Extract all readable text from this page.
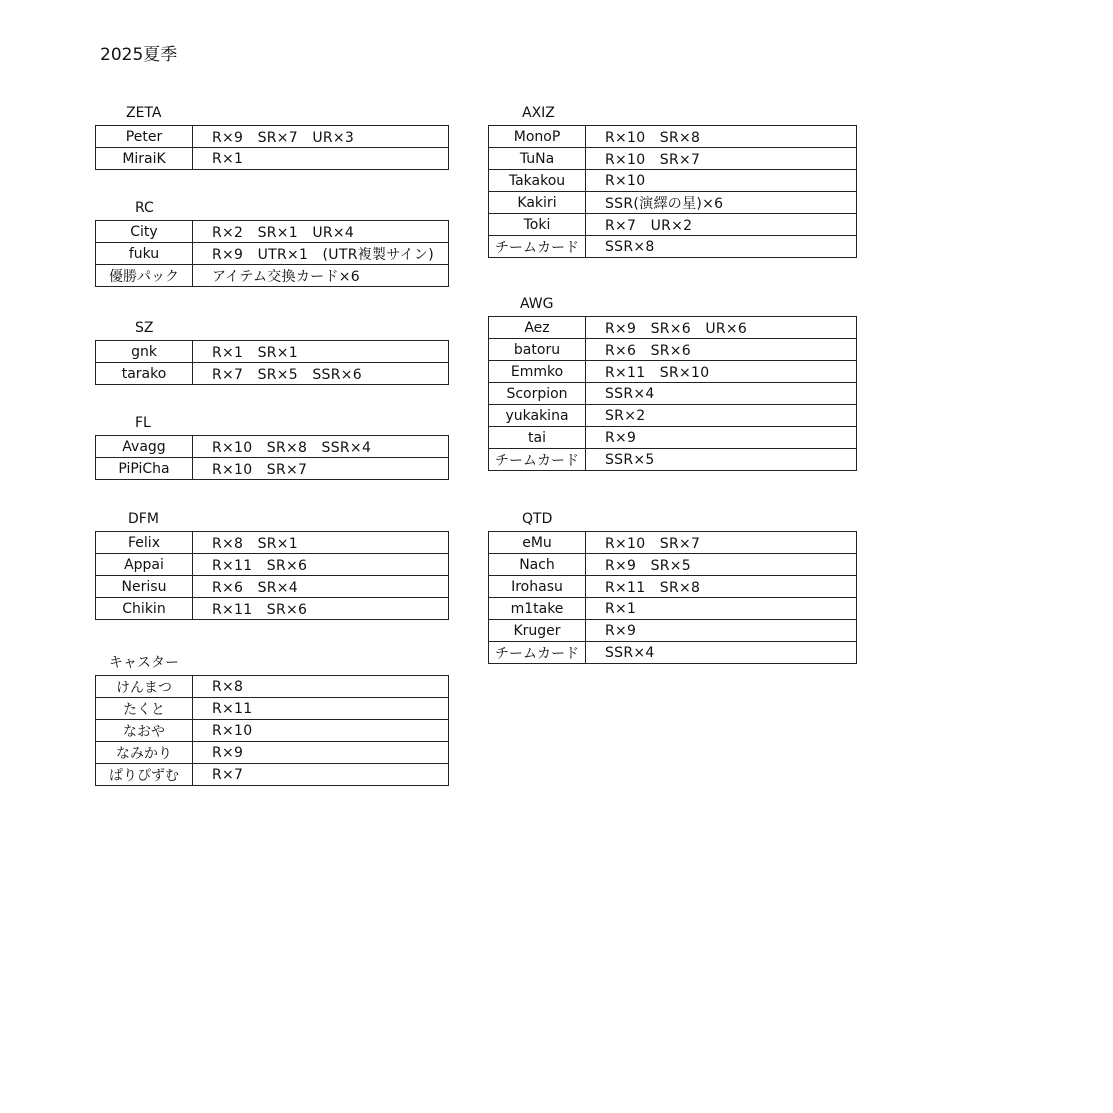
2025夏季
ZETA
Peter	R×9　SR×7　UR×3
MiraiK	R×1
RC
City	R×2　SR×1　UR×4
fuku	R×9　UTR×1　(UTR複製サイン)
優勝パック	アイテム交換カード×6
SZ
gnk	R×1　SR×1
tarako	R×7　SR×5　SSR×6
FL
Avagg	R×10　SR×8　SSR×4
PiPiCha	R×10　SR×7
DFM
Felix	R×8　SR×1
Appai	R×11　SR×6
Nerisu	R×6　SR×4
Chikin	R×11　SR×6
キャスター
けんまつ	R×8
たくと	R×11
なおや	R×10
なみかり	R×9
ぱりぴずむ	R×7
AXIZ
MonoP	R×10　SR×8
TuNa	R×10　SR×7
Takakou	R×10
Kakiri	SSR(演繹の星)×6
Toki	R×7　UR×2
チームカード	SSR×8
AWG
Aez	R×9　SR×6　UR×6
batoru	R×6　SR×6
Emmko	R×11　SR×10
Scorpion	SSR×4
yukakina	SR×2
tai	R×9
チームカード	SSR×5
QTD
eMu	R×10　SR×7
Nach	R×9　SR×5
Irohasu	R×11　SR×8
m1take	R×1
Kruger	R×9
チームカード	SSR×4
